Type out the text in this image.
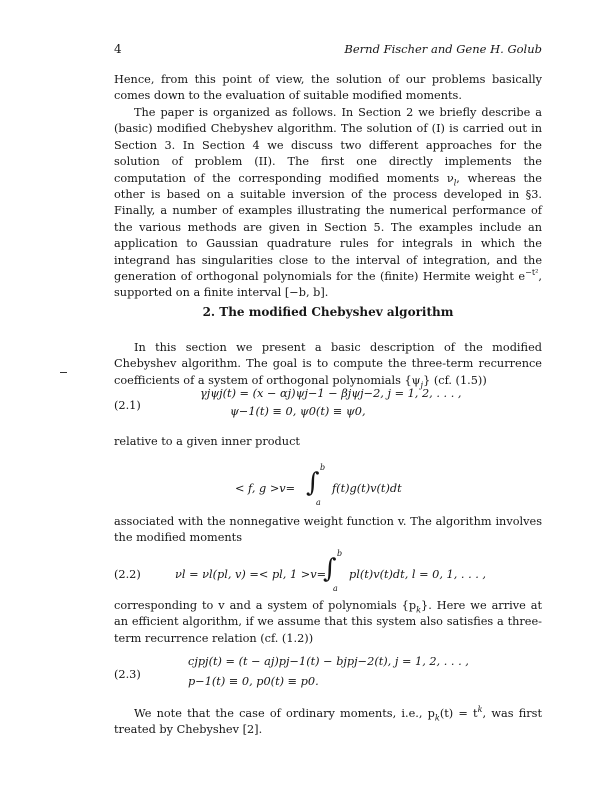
4	Bernd Fischer and Gene H. Golub

Hence, from this point of view, the solution of our problems basically comes down to the evaluation of suitable modified moments.

The paper is organized as follows. In Section 2 we briefly describe a (basic) modified Chebyshev algorithm. The solution of (I) is carried out in Section 3. In Section 4 we discuss two different approaches for the solution of problem (II). The first one directly implements the computation of the corresponding modified moments $\nu_l$, whereas the other is based on a suitable inversion of the process developed in §3. Finally, a number of examples illustrating the numerical performance of the various methods are given in Section 5. The examples include an application to Gaussian quadrature rules for integrals in which the integrand has singularities close to the interval of integration, and the generation of orthogonal polynomials for the (finite) Hermite weight $e^{-t^2}$, supported on a finite interval [−b, b].

2. The modified Chebyshev algorithm

In this section we present a basic description of the modified Chebyshev algorithm. The goal is to compute the three-term recurrence coefficients of a system of orthogonal polynomials $\{\psi_j\}$ (cf. (1.5))

(2.1)
γjψj(t) = (x − αj)ψj−1 − βjψj−2, j = 1, 2, . . . ,
ψ−1(t) ≡ 0, ψ0(t) ≡ ψ0,

relative to a given inner product

< f, g >v= ∫
b
a
f(t)g(t)v(t)dt

associated with the nonnegative weight function v. The algorithm involves the modified moments

(2.2)	νl = νl(pl, v) =< pl, 1 >v=
∫
b
a
pl(t)v(t)dt, l = 0, 1, . . . ,

corresponding to v and a system of polynomials $\{p_k\}$. Here we arrive at an efficient algorithm, if we assume that this system also satisfies a three-term recurrence relation (cf. (1.2))

(2.3)
cjpj(t) = (t − aj)pj−1(t) − bjpj−2(t), j = 1, 2, . . . ,
p−1(t) ≡ 0, p0(t) ≡ p0.

We note that the case of ordinary moments, i.e., $p_k(t) = t^k$, was first treated by Chebyshev [2].
